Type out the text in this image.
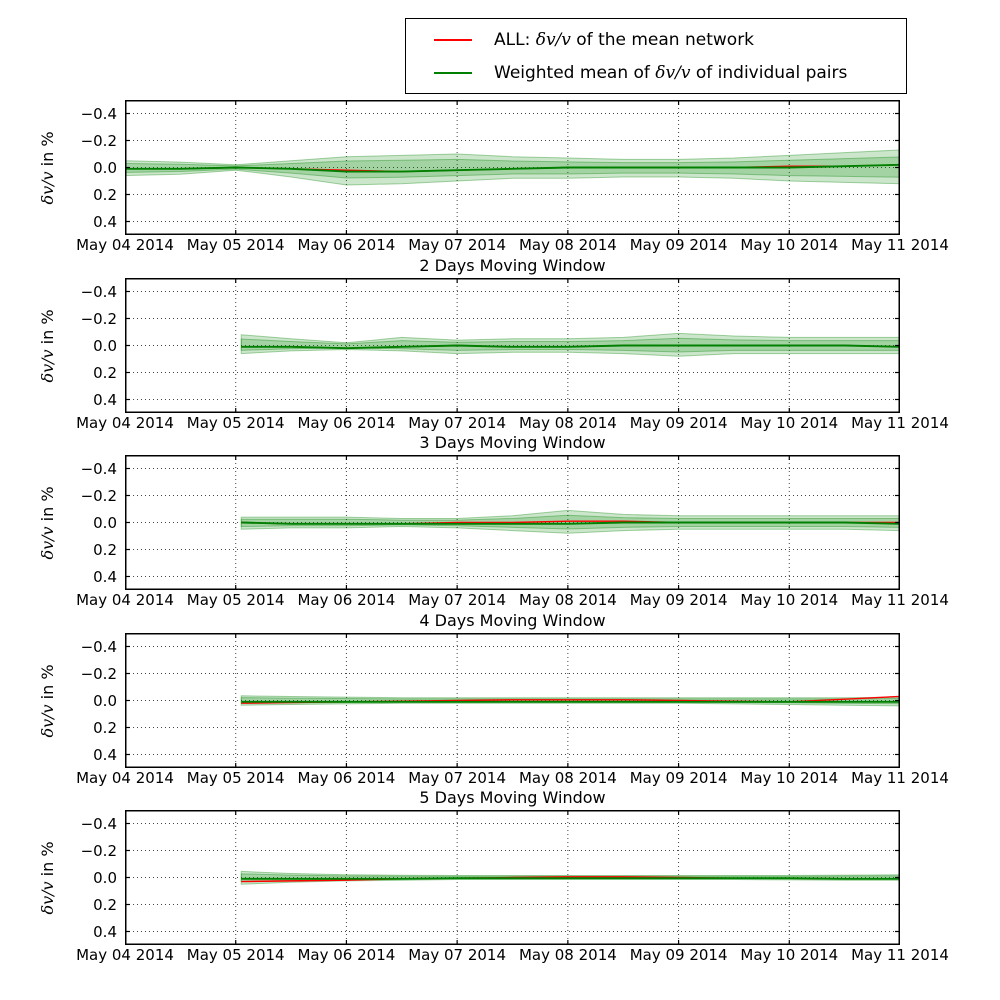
ALL: δv/v of the mean network
Weighted mean of δv/v of individual pairs
δv/v in %
−0.4
−0.2
0.0
0.2
0.4
May 04 2014 May 05 2014 May 06 2014 May 07 2014 May 08 2014 May 09 2014 May 10 2014 May 11 2014
2 Days Moving Window
δv/v in %
−0.4
−0.2
0.0
0.2
0.4
May 04 2014 May 05 2014 May 06 2014 May 07 2014 May 08 2014 May 09 2014 May 10 2014 May 11 2014
3 Days Moving Window
δv/v in %
−0.4
−0.2
0.0
0.2
0.4
May 04 2014 May 05 2014 May 06 2014 May 07 2014 May 08 2014 May 09 2014 May 10 2014 May 11 2014
4 Days Moving Window
δv/v in %
−0.4
−0.2
0.0
0.2
0.4
May 04 2014 May 05 2014 May 06 2014 May 07 2014 May 08 2014 May 09 2014 May 10 2014 May 11 2014
5 Days Moving Window
δv/v in %
−0.4
−0.2
0.0
0.2
0.4
May 04 2014 May 05 2014 May 06 2014 May 07 2014 May 08 2014 May 09 2014 May 10 2014 May 11 2014
